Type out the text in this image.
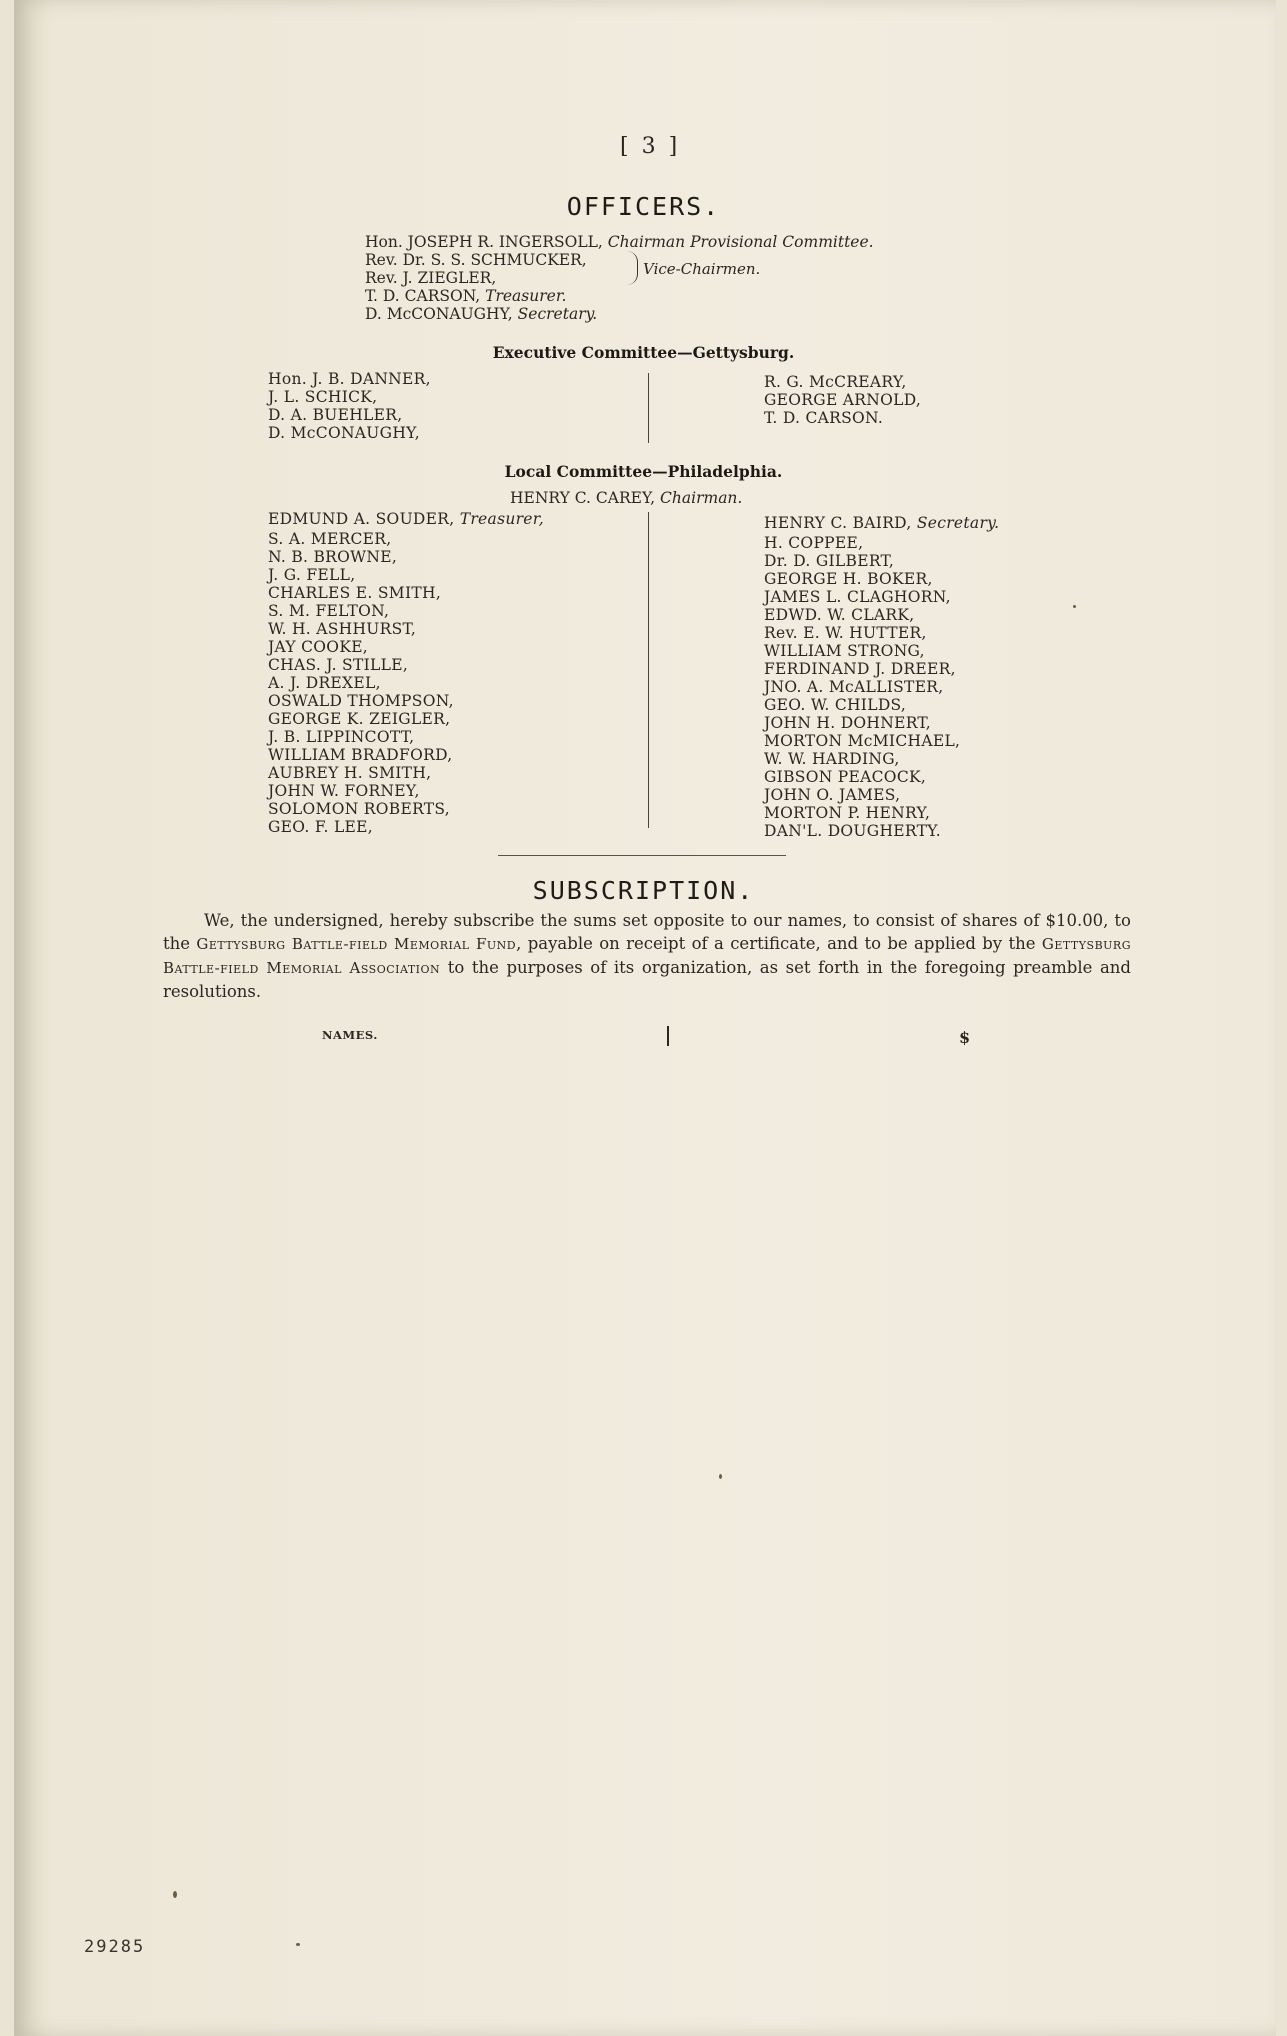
[ 3 ]
OFFICERS.
Hon. JOSEPH R. INGERSOLL, Chairman Provisional Committee.
Rev. Dr. S. S. SCHMUCKER,
Rev. J. ZIEGLER,	Vice-Chairmen.
T. D. CARSON, Treasurer.
D. McCONAUGHY, Secretary.
Executive Committee—Gettysburg.
Hon. J. B. DANNER,
J. L. SCHICK,
D. A. BUEHLER,
D. McCONAUGHY,
R. G. McCREARY,
GEORGE ARNOLD,
T. D. CARSON.
Local Committee—Philadelphia.
HENRY C. CAREY, Chairman.
EDMUND A. SOUDER, Treasurer,
S. A. MERCER,
N. B. BROWNE,
J. G. FELL,
CHARLES E. SMITH,
S. M. FELTON,
W. H. ASHHURST,
JAY COOKE,
CHAS. J. STILLE,
A. J. DREXEL,
OSWALD THOMPSON,
GEORGE K. ZEIGLER,
J. B. LIPPINCOTT,
WILLIAM BRADFORD,
AUBREY H. SMITH,
JOHN W. FORNEY,
SOLOMON ROBERTS,
GEO. F. LEE,
HENRY C. BAIRD, Secretary.
H. COPPEE,
Dr. D. GILBERT,
GEORGE H. BOKER,
JAMES L. CLAGHORN,
EDWD. W. CLARK,
Rev. E. W. HUTTER,
WILLIAM STRONG,
FERDINAND J. DREER,
JNO. A. McALLISTER,
GEO. W. CHILDS,
JOHN H. DOHNERT,
MORTON McMICHAEL,
W. W. HARDING,
GIBSON PEACOCK,
JOHN O. JAMES,
MORTON P. HENRY,
DAN'L. DOUGHERTY.
SUBSCRIPTION.
We, the undersigned, hereby subscribe the sums set opposite to our names, to consist of shares of $10.00, to the Gettysburg Battle-field Memorial Fund, payable on receipt of a certificate, and to be applied by the Gettysburg Battle-field Memorial Association to the purposes of its organization, as set forth in the foregoing preamble and resolutions.
NAMES.	$
29285
